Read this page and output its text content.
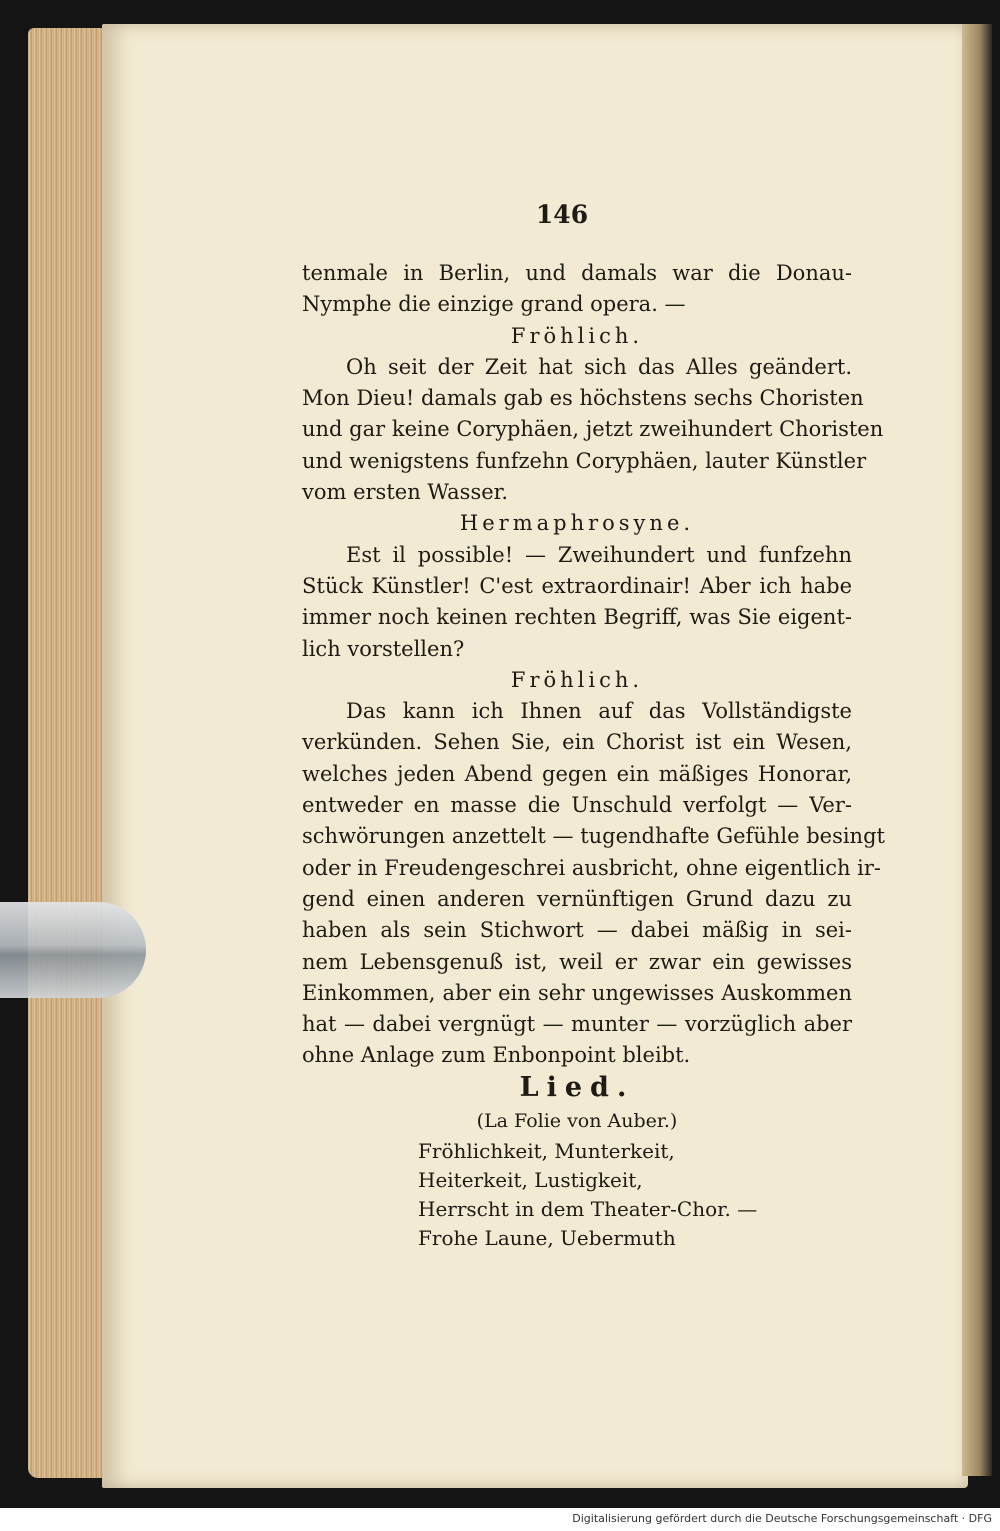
146
tenmale in Berlin, und damals war die Donau-
Nymphe die einzige grand opera. —
Fröhlich.
Oh seit der Zeit hat sich das Alles geändert.
Mon Dieu! damals gab es höchstens sechs Choristen
und gar keine Coryphäen, jetzt zweihundert Choristen
und wenigstens funfzehn Coryphäen, lauter Künstler
vom ersten Wasser.
Hermaphrosyne.
Est il possible! — Zweihundert und funfzehn
Stück Künstler! C'est extraordinair! Aber ich habe
immer noch keinen rechten Begriff, was Sie eigent-
lich vorstellen?
Fröhlich.
Das kann ich Ihnen auf das Vollständigste
verkünden. Sehen Sie, ein Chorist ist ein Wesen,
welches jeden Abend gegen ein mäßiges Honorar,
entweder en masse die Unschuld verfolgt — Ver-
schwörungen anzettelt — tugendhafte Gefühle besingt
oder in Freudengeschrei ausbricht, ohne eigentlich ir-
gend einen anderen vernünftigen Grund dazu zu
haben als sein Stichwort — dabei mäßig in sei-
nem Lebensgenuß ist, weil er zwar ein gewisses
Einkommen, aber ein sehr ungewisses Auskommen
hat — dabei vergnügt — munter — vorzüglich aber
ohne Anlage zum Enbonpoint bleibt.
Lied.
(La Folie von Auber.)
Fröhlichkeit, Munterkeit,
Heiterkeit, Lustigkeit,
Herrscht in dem Theater-Chor. —
Frohe Laune, Uebermuth
Digitalisierung gefördert durch die Deutsche Forschungsgemeinschaft · DFG
